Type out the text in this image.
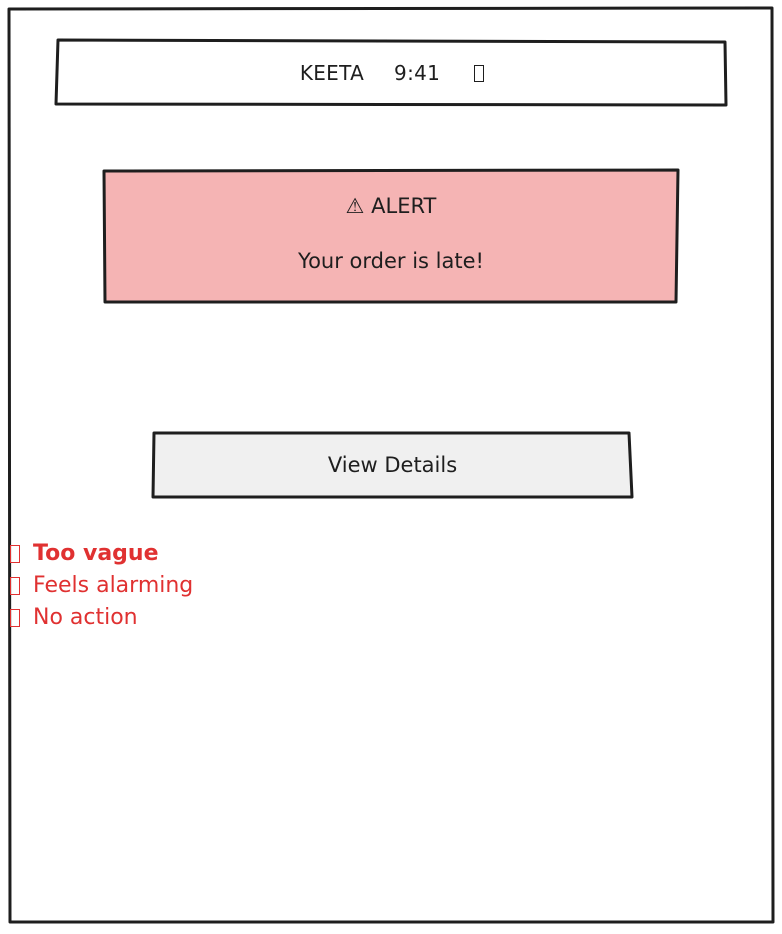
KEETA 9:41
⚠ ALERT
Your order is late!
View Details
Too vague
Feels alarming
No action
